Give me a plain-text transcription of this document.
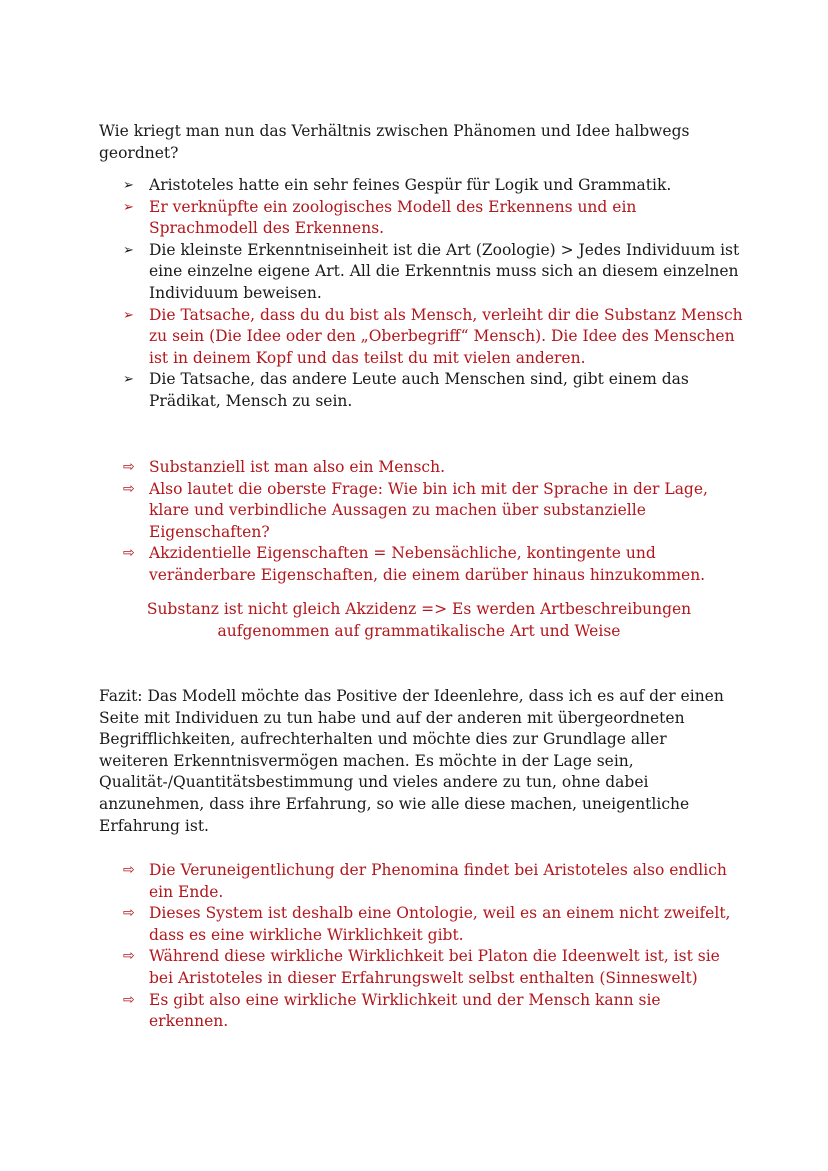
Wie kriegt man nun das Verhältnis zwischen Phänomen und Idee halbwegs geordnet?

➢ Aristoteles hatte ein sehr feines Gespür für Logik und Grammatik.
➢ Er verknüpfte ein zoologisches Modell des Erkennens und ein Sprachmodell des Erkennens.
➢ Die kleinste Erkenntniseinheit ist die Art (Zoologie) > Jedes Individuum ist eine einzelne eigene Art. All die Erkenntnis muss sich an diesem einzelnen Individuum beweisen.
➢ Die Tatsache, dass du du bist als Mensch, verleiht dir die Substanz Mensch zu sein (Die Idee oder den „Oberbegriff“ Mensch). Die Idee des Menschen ist in deinem Kopf und das teilst du mit vielen anderen.
➢ Die Tatsache, das andere Leute auch Menschen sind, gibt einem das Prädikat, Mensch zu sein.
⇨ Substanziell ist man also ein Mensch.
⇨ Also lautet die oberste Frage: Wie bin ich mit der Sprache in der Lage, klare und verbindliche Aussagen zu machen über substanzielle Eigenschaften?
⇨ Akzidentielle Eigenschaften = Nebensächliche, kontingente und veränderbare Eigenschaften, die einem darüber hinaus hinzukommen.

Substanz ist nicht gleich Akzidenz => Es werden Artbeschreibungen

aufgenommen auf grammatikalische Art und Weise

Fazit: Das Modell möchte das Positive der Ideenlehre, dass ich es auf der einen Seite mit Individuen zu tun habe und auf der anderen mit übergeordneten Begrifflichkeiten, aufrechterhalten und möchte dies zur Grundlage aller weiteren Erkenntnisvermögen machen. Es möchte in der Lage sein, Qualität-/Quantitätsbestimmung und vieles andere zu tun, ohne dabei anzunehmen, dass ihre Erfahrung, so wie alle diese machen, uneigentliche Erfahrung ist.

⇨ Die Veruneigentlichung der Phenomina findet bei Aristoteles also endlich ein Ende.
⇨ Dieses System ist deshalb eine Ontologie, weil es an einem nicht zweifelt, dass es eine wirkliche Wirklichkeit gibt.
⇨ Während diese wirkliche Wirklichkeit bei Platon die Ideenwelt ist, ist sie bei Aristoteles in dieser Erfahrungswelt selbst enthalten (Sinneswelt)
⇨ Es gibt also eine wirkliche Wirklichkeit und der Mensch kann sie erkennen.
